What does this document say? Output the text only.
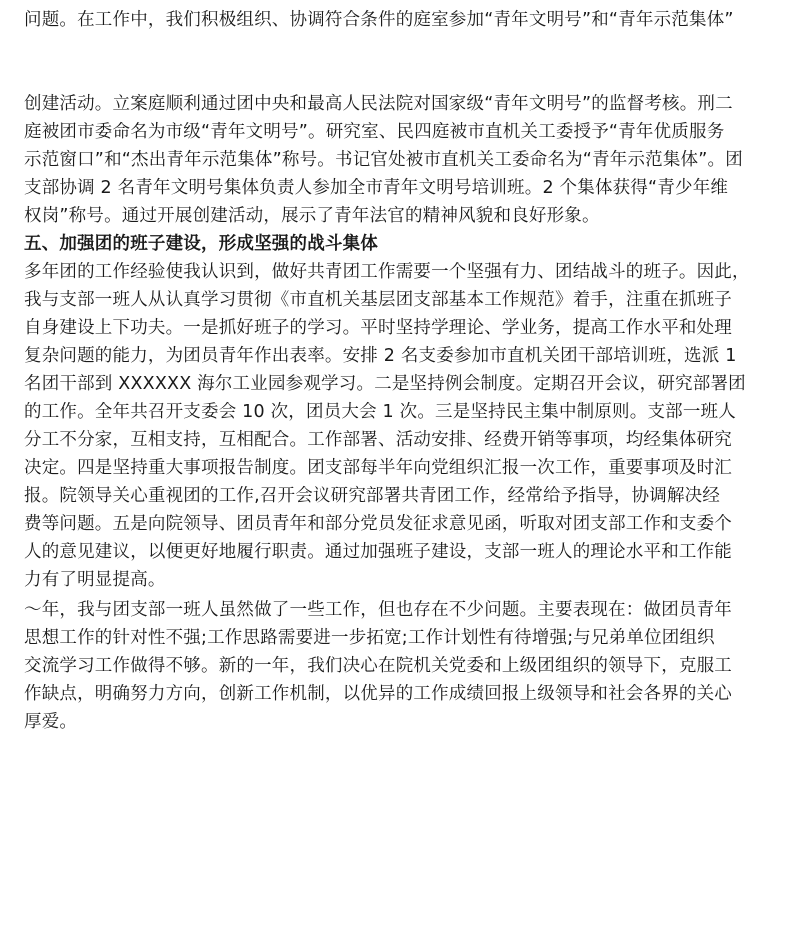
问题。在工作中，我们积极组织、协调符合条件的庭室参加“青年文明号”和“青年示范集体”
创建活动。立案庭顺利通过团中央和最高人民法院对国家级“青年文明号”的监督考核。刑二
庭被团市委命名为市级“青年文明号”。研究室、民四庭被市直机关工委授予“青年优质服务
示范窗口”和“杰出青年示范集体”称号。书记官处被市直机关工委命名为“青年示范集体”。团
支部协调 2 名青年文明号集体负责人参加全市青年文明号培训班。2 个集体获得“青少年维
权岗”称号。通过开展创建活动，展示了青年法官的精神风貌和良好形象。
五、加强团的班子建设，形成坚强的战斗集体
多年团的工作经验使我认识到，做好共青团工作需要一个坚强有力、团结战斗的班子。因此，
我与支部一班人从认真学习贯彻《市直机关基层团支部基本工作规范》着手，注重在抓班子
自身建设上下功夫。一是抓好班子的学习。平时坚持学理论、学业务，提高工作水平和处理
复杂问题的能力，为团员青年作出表率。安排 2 名支委参加市直机关团干部培训班，选派 1
名团干部到 XXXXXX 海尔工业园参观学习。二是坚持例会制度。定期召开会议，研究部署团
的工作。全年共召开支委会 10 次，团员大会 1 次。三是坚持民主集中制原则。支部一班人
分工不分家，互相支持，互相配合。工作部署、活动安排、经费开销等事项，均经集体研究
决定。四是坚持重大事项报告制度。团支部每半年向党组织汇报一次工作，重要事项及时汇
报。院领导关心重视团的工作,召开会议研究部署共青团工作，经常给予指导，协调解决经
费等问题。五是向院领导、团员青年和部分党员发征求意见函，听取对团支部工作和支委个
人的意见建议，以便更好地履行职责。通过加强班子建设，支部一班人的理论水平和工作能
力有了明显提高。
～年，我与团支部一班人虽然做了一些工作，但也存在不少问题。主要表现在：做团员青年
思想工作的针对性不强;工作思路需要进一步拓宽;工作计划性有待增强;与兄弟单位团组织
交流学习工作做得不够。新的一年，我们决心在院机关党委和上级团组织的领导下，克服工
作缺点，明确努力方向，创新工作机制，以优异的工作成绩回报上级领导和社会各界的关心
厚爱。
